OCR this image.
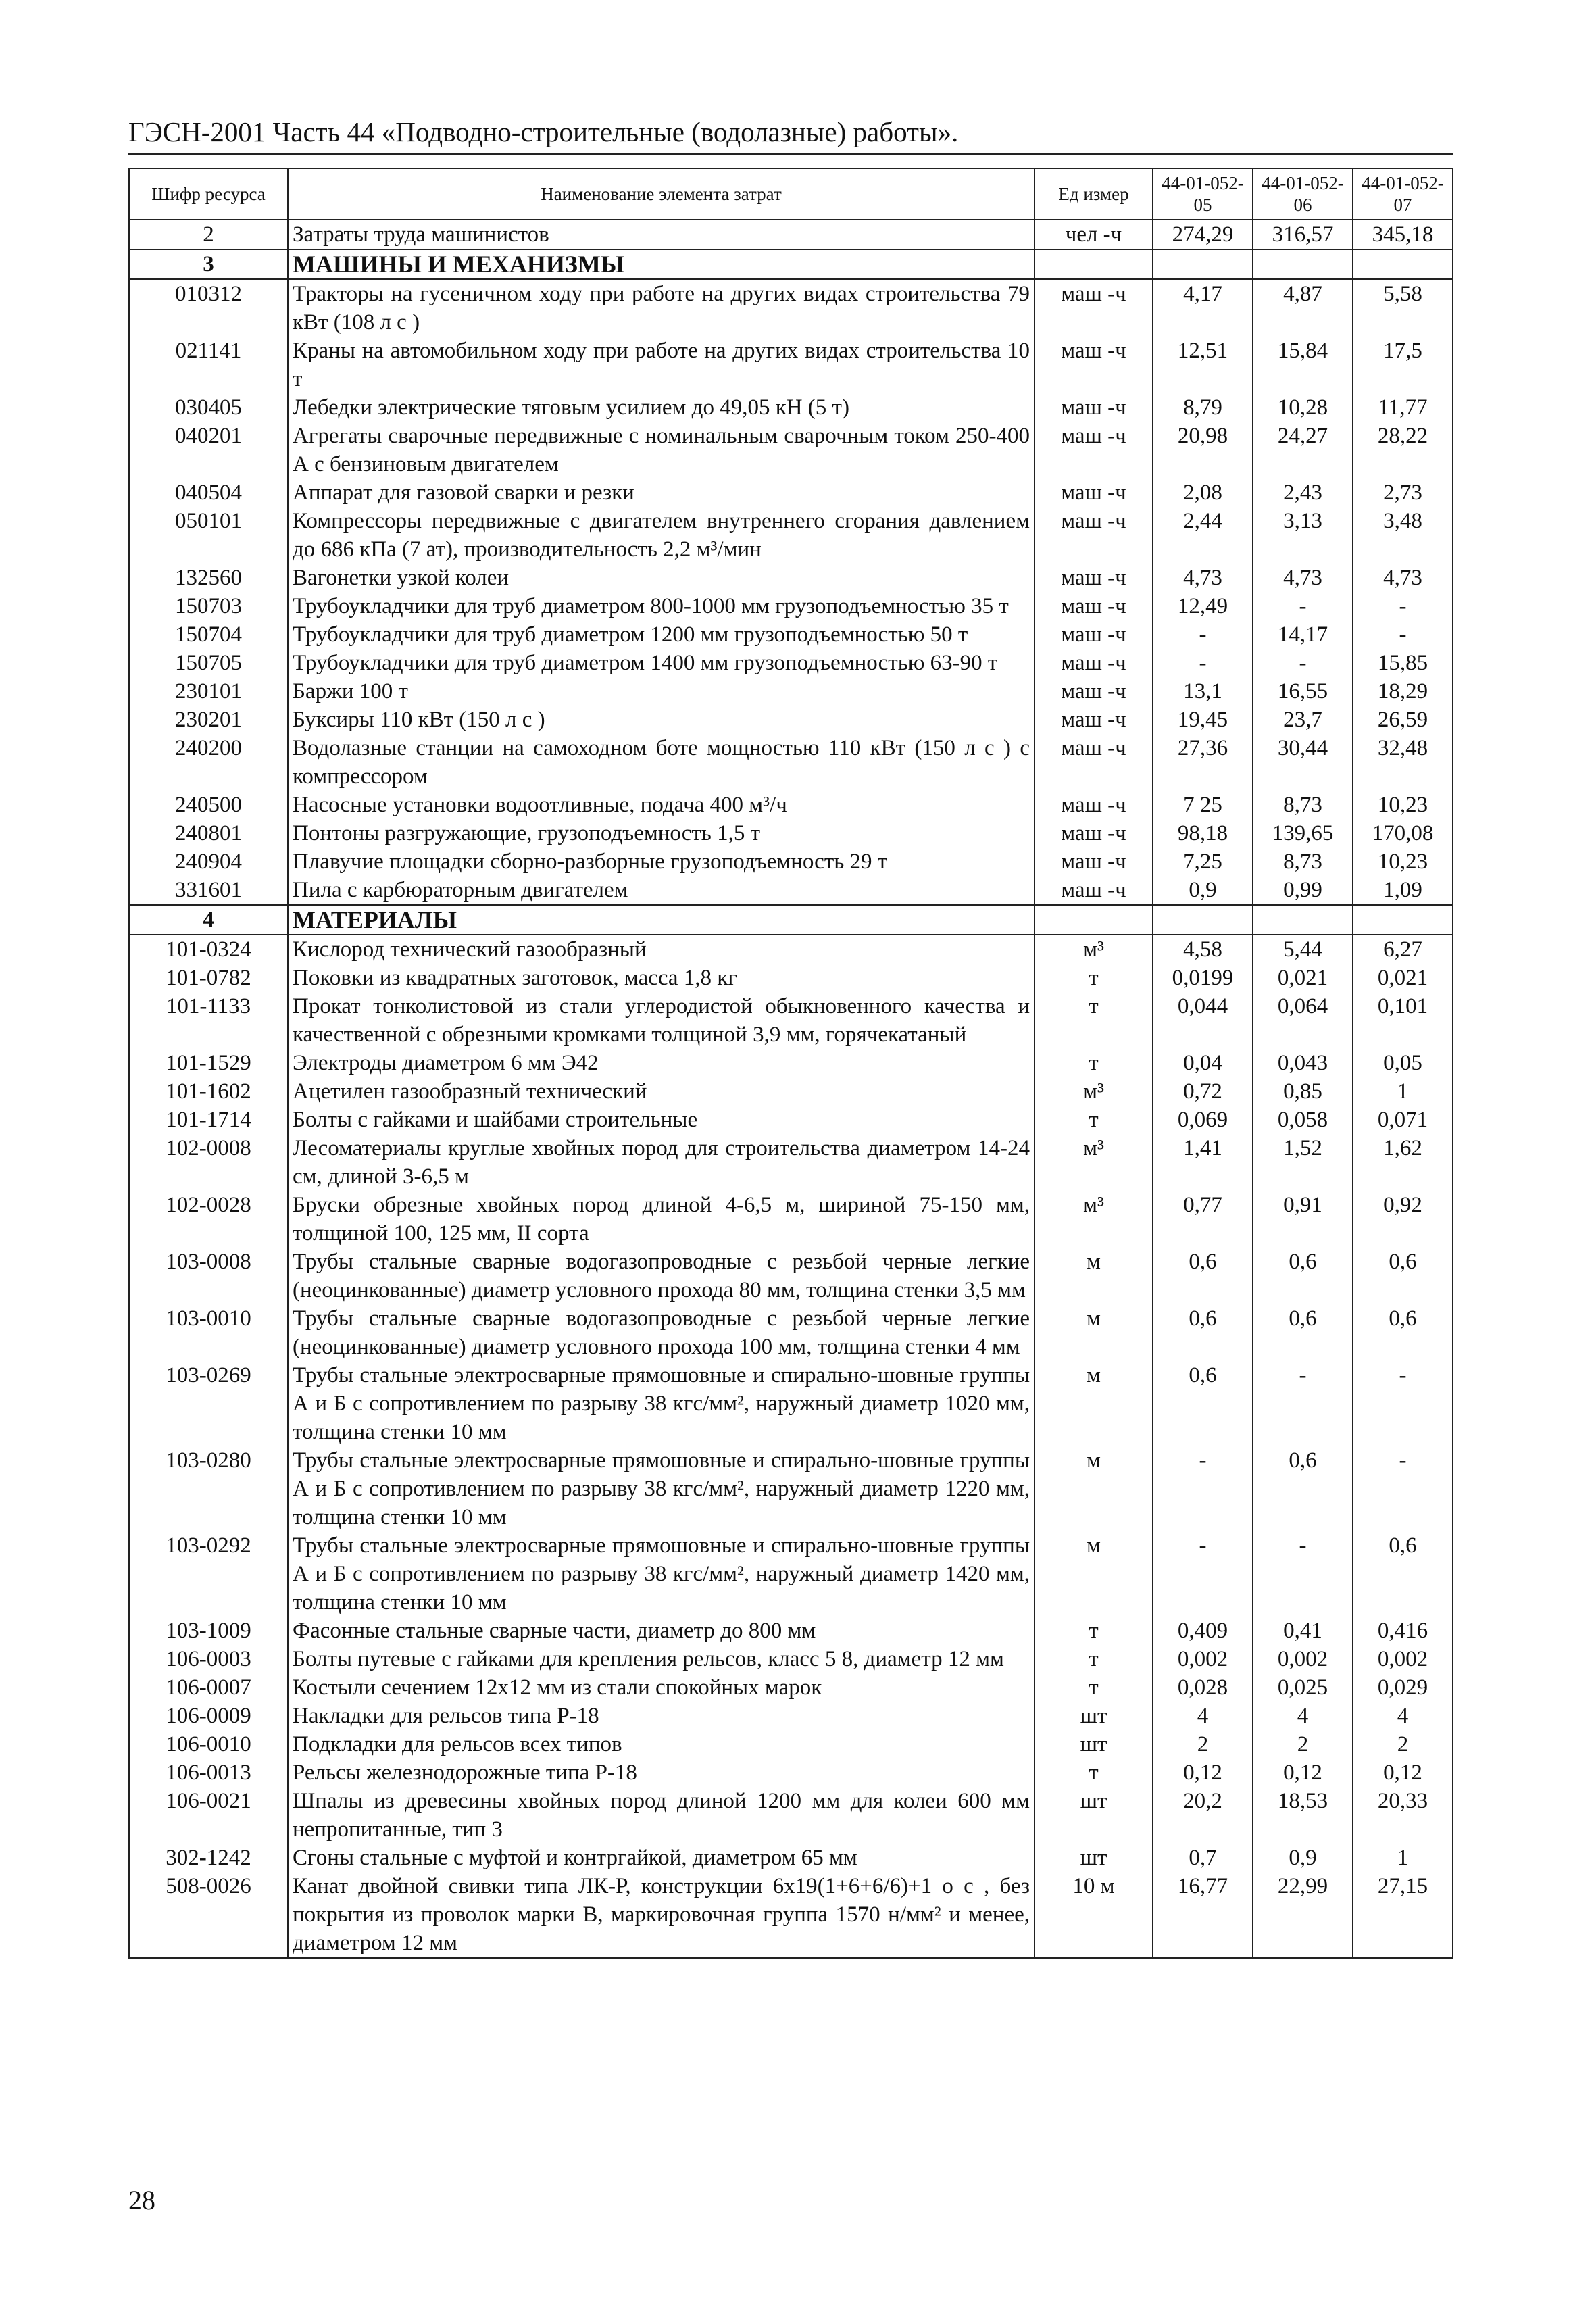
ГЭСН-2001 Часть 44 «Подводно-строительные (водолазные) работы».
Шифр ресурса	Наименование элемента затрат	Ед измер	44-01-052-05	44-01-052-06	44-01-052-07
2	Затраты труда машинистов	чел -ч	274,29	316,57	345,18
3	МАШИНЫ И МЕХАНИЗМЫ				
010312	Тракторы на гусеничном ходу при работе на других видах строительства 79 кВт (108 л с )	маш -ч	4,17	4,87	5,58
021141	Краны на автомобильном ходу при работе на других видах строительства 10 т	маш -ч	12,51	15,84	17,5
030405	Лебедки электрические тяговым усилием до 49,05 кН (5 т)	маш -ч	8,79	10,28	11,77
040201	Агрегаты сварочные передвижные с номинальным сварочным током 250-400 А с бензиновым двигателем	маш -ч	20,98	24,27	28,22
040504	Аппарат для газовой сварки и резки	маш -ч	2,08	2,43	2,73
050101	Компрессоры передвижные с двигателем внутреннего сгорания давлением до 686 кПа (7 ат), производительность 2,2 м³/мин	маш -ч	2,44	3,13	3,48
132560	Вагонетки узкой колеи	маш -ч	4,73	4,73	4,73
150703	Трубоукладчики для труб диаметром 800-1000 мм грузоподъемностью 35 т	маш -ч	12,49	-	-
150704	Трубоукладчики для труб диаметром 1200 мм грузоподъемностью 50 т	маш -ч	-	14,17	-
150705	Трубоукладчики для труб диаметром 1400 мм грузоподъемностью 63-90 т	маш -ч	-	-	15,85
230101	Баржи 100 т	маш -ч	13,1	16,55	18,29
230201	Буксиры 110 кВт (150 л с )	маш -ч	19,45	23,7	26,59
240200	Водолазные станции на самоходном боте мощностью 110 кВт (150 л с ) с компрессором	маш -ч	27,36	30,44	32,48
240500	Насосные установки водоотливные, подача 400 м³/ч	маш -ч	7 25	8,73	10,23
240801	Понтоны разгружающие, грузоподъемность 1,5 т	маш -ч	98,18	139,65	170,08
240904	Плавучие площадки сборно-разборные грузоподъемность 29 т	маш -ч	7,25	8,73	10,23
331601	Пила с карбюраторным двигателем	маш -ч	0,9	0,99	1,09
4	МАТЕРИАЛЫ				
101-0324	Кислород технический газообразный	м³	4,58	5,44	6,27
101-0782	Поковки из квадратных заготовок, масса 1,8 кг	т	0,0199	0,021	0,021
101-1133	Прокат тонколистовой из стали углеродистой обыкновенного качества и качественной с обрезными кромками толщиной 3,9 мм, горячекатаный	т	0,044	0,064	0,101
101-1529	Электроды диаметром 6 мм Э42	т	0,04	0,043	0,05
101-1602	Ацетилен газообразный технический	м³	0,72	0,85	1
101-1714	Болты с гайками и шайбами строительные	т	0,069	0,058	0,071
102-0008	Лесоматериалы круглые хвойных пород для строительства диаметром 14-24 см, длиной 3-6,5 м	м³	1,41	1,52	1,62
102-0028	Бруски обрезные хвойных пород длиной 4-6,5 м, шириной 75-150 мм, толщиной 100, 125 мм, II сорта	м³	0,77	0,91	0,92
103-0008	Трубы стальные сварные водогазопроводные с резьбой черные легкие (неоцинкованные) диаметр условного прохода 80 мм, толщина стенки 3,5 мм	м	0,6	0,6	0,6
103-0010	Трубы стальные сварные водогазопроводные с резьбой черные легкие (неоцинкованные) диаметр условного прохода 100 мм, толщина стенки 4 мм	м	0,6	0,6	0,6
103-0269	Трубы стальные электросварные прямошовные и спирально-шовные группы А и Б с сопротивлением по разрыву 38 кгс/мм², наружный диаметр 1020 мм, толщина стенки 10 мм	м	0,6	-	-
103-0280	Трубы стальные электросварные прямошовные и спирально-шовные группы А и Б с сопротивлением по разрыву 38 кгс/мм², наружный диаметр 1220 мм, толщина стенки 10 мм	м	-	0,6	-
103-0292	Трубы стальные электросварные прямошовные и спирально-шовные группы А и Б с сопротивлением по разрыву 38 кгс/мм², наружный диаметр 1420 мм, толщина стенки 10 мм	м	-	-	0,6
103-1009	Фасонные стальные сварные части, диаметр до 800 мм	т	0,409	0,41	0,416
106-0003	Болты путевые с гайками для крепления рельсов, класс 5 8, диаметр 12 мм	т	0,002	0,002	0,002
106-0007	Костыли сечением 12х12 мм из стали спокойных марок	т	0,028	0,025	0,029
106-0009	Накладки для рельсов типа Р-18	шт	4	4	4
106-0010	Подкладки для рельсов всех типов	шт	2	2	2
106-0013	Рельсы железнодорожные типа Р-18	т	0,12	0,12	0,12
106-0021	Шпалы из древесины хвойных пород длиной 1200 мм для колеи 600 мм непропитанные, тип 3	шт	20,2	18,53	20,33
302-1242	Сгоны стальные с муфтой и контргайкой, диаметром 65 мм	шт	0,7	0,9	1
508-0026	Канат двойной свивки типа ЛК-Р, конструкции 6х19(1+6+6/6)+1 о с , без покрытия из проволок марки В, маркировочная группа 1570 н/мм² и менее, диаметром 12 мм	10 м	16,77	22,99	27,15
28
